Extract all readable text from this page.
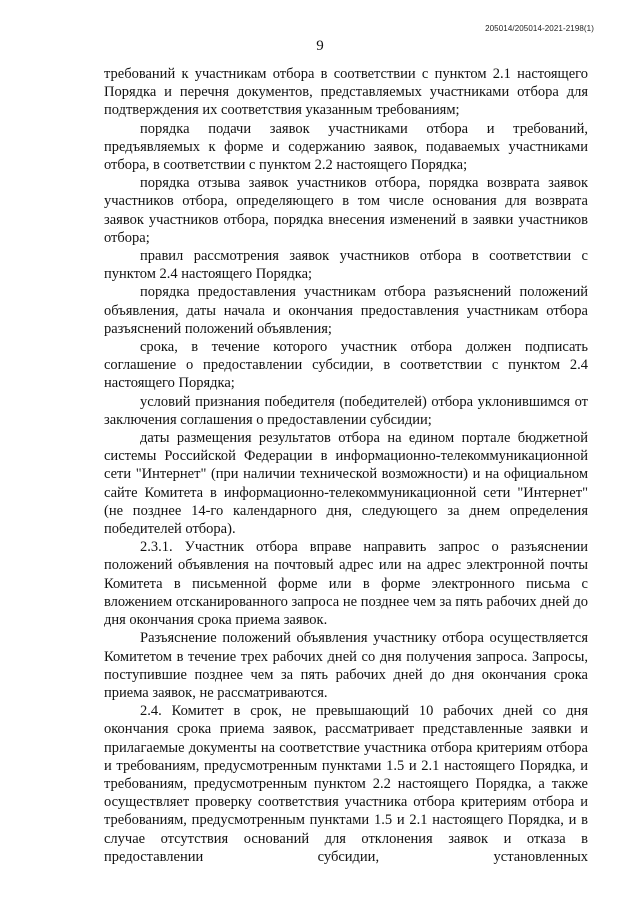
205014/205014-2021-2198(1)
9

требований к участникам отбора в соответствии с пунктом 2.1 настоящего Порядка и перечня документов, представляемых участниками отбора для подтверждения их соответствия указанным требованиям;

порядка подачи заявок участниками отбора и требований, предъявляемых к форме и содержанию заявок, подаваемых участниками отбора, в соответствии с пунктом 2.2 настоящего Порядка;

порядка отзыва заявок участников отбора, порядка возврата заявок участников отбора, определяющего в том числе основания для возврата заявок участников отбора, порядка внесения изменений в заявки участников отбора;

правил рассмотрения заявок участников отбора в соответствии с пунктом 2.4 настоящего Порядка;

порядка предоставления участникам отбора разъяснений положений объявления, даты начала и окончания предоставления участникам отбора разъяснений положений объявления;

срока, в течение которого участник отбора должен подписать соглашение о предоставлении субсидии, в соответствии с пунктом 2.4 настоящего Порядка;

условий признания победителя (победителей) отбора уклонившимся от заключения соглашения о предоставлении субсидии;

даты размещения результатов отбора на едином портале бюджетной системы Российской Федерации в информационно-телекоммуникационной сети "Интернет" (при наличии технической возможности) и на официальном сайте Комитета в информационно-телекоммуникационной сети "Интернет" (не позднее 14-го календарного дня, следующего за днем определения победителей отбора).

2.3.1. Участник отбора вправе направить запрос о разъяснении положений объявления на почтовый адрес или на адрес электронной почты Комитета в письменной форме или в форме электронного письма с вложением отсканированного запроса не позднее чем за пять рабочих дней до дня окончания срока приема заявок.

Разъяснение положений объявления участнику отбора осуществляется Комитетом в течение трех рабочих дней со дня получения запроса. Запросы, поступившие позднее чем за пять рабочих дней до дня окончания срока приема заявок, не рассматриваются.

2.4. Комитет в срок, не превышающий 10 рабочих дней со дня окончания срока приема заявок, рассматривает представленные заявки и прилагаемые документы на соответствие участника отбора критериям отбора и требованиям, предусмотренным пунктами 1.5 и 2.1 настоящего Порядка, и требованиям, предусмотренным пунктом 2.2 настоящего Порядка, а также осуществляет проверку соответствия участника отбора критериям отбора и требованиям, предусмотренным пунктами 1.5 и 2.1 настоящего Порядка, и в случае отсутствия оснований для отклонения заявок и отказа в предоставлении субсидии, установленных
